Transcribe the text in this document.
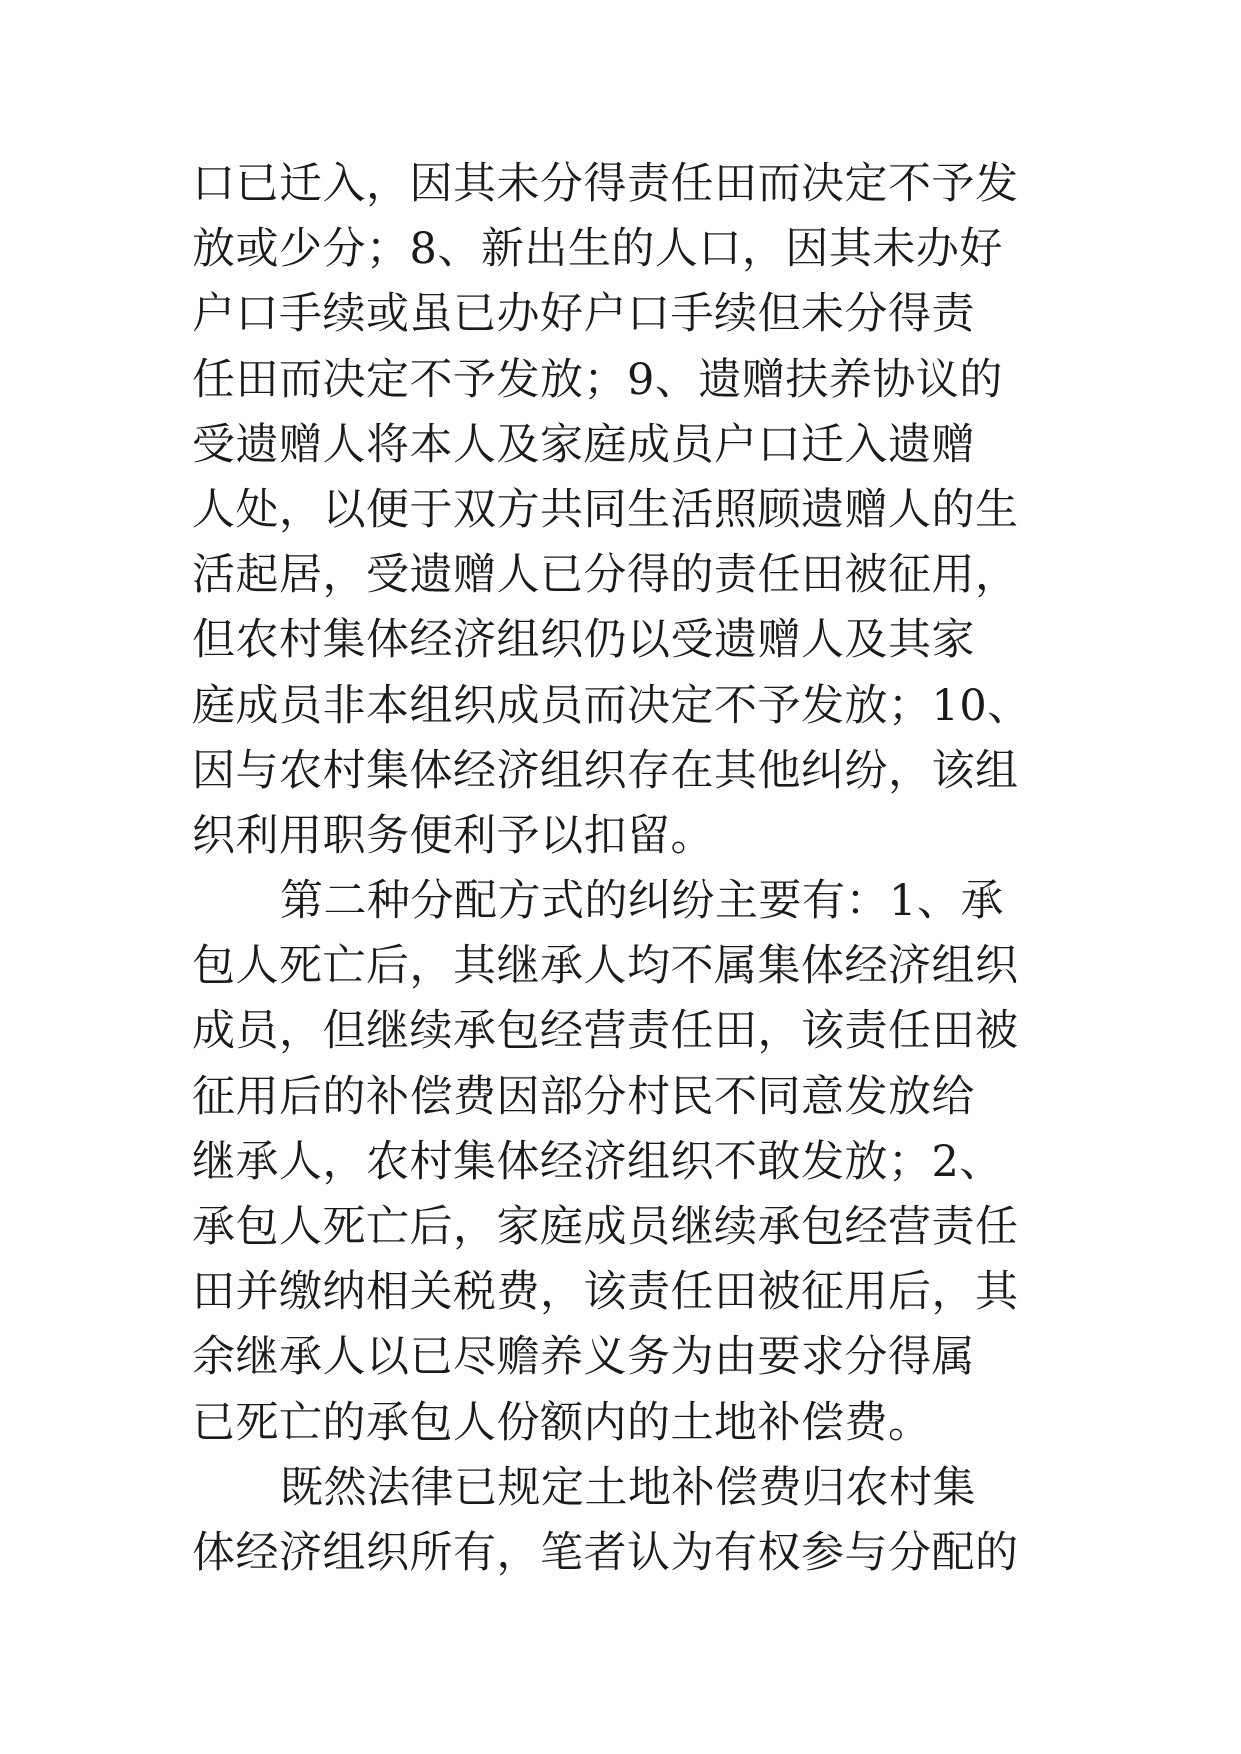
口已迁入，因其未分得责任田而决定不予发
放或少分；8、新出生的人口，因其未办好
户口手续或虽已办好户口手续但未分得责
任田而决定不予发放；9、遗赠扶养协议的
受遗赠人将本人及家庭成员户口迁入遗赠
人处，以便于双方共同生活照顾遗赠人的生
活起居，受遗赠人已分得的责任田被征用，
但农村集体经济组织仍以受遗赠人及其家
庭成员非本组织成员而决定不予发放；10、
因与农村集体经济组织存在其他纠纷，该组
织利用职务便利予以扣留。
第二种分配方式的纠纷主要有：1、承
包人死亡后，其继承人均不属集体经济组织
成员，但继续承包经营责任田，该责任田被
征用后的补偿费因部分村民不同意发放给
继承人，农村集体经济组织不敢发放；2、
承包人死亡后，家庭成员继续承包经营责任
田并缴纳相关税费，该责任田被征用后，其
余继承人以已尽赡养义务为由要求分得属
已死亡的承包人份额内的土地补偿费。
既然法律已规定土地补偿费归农村集
体经济组织所有，笔者认为有权参与分配的
